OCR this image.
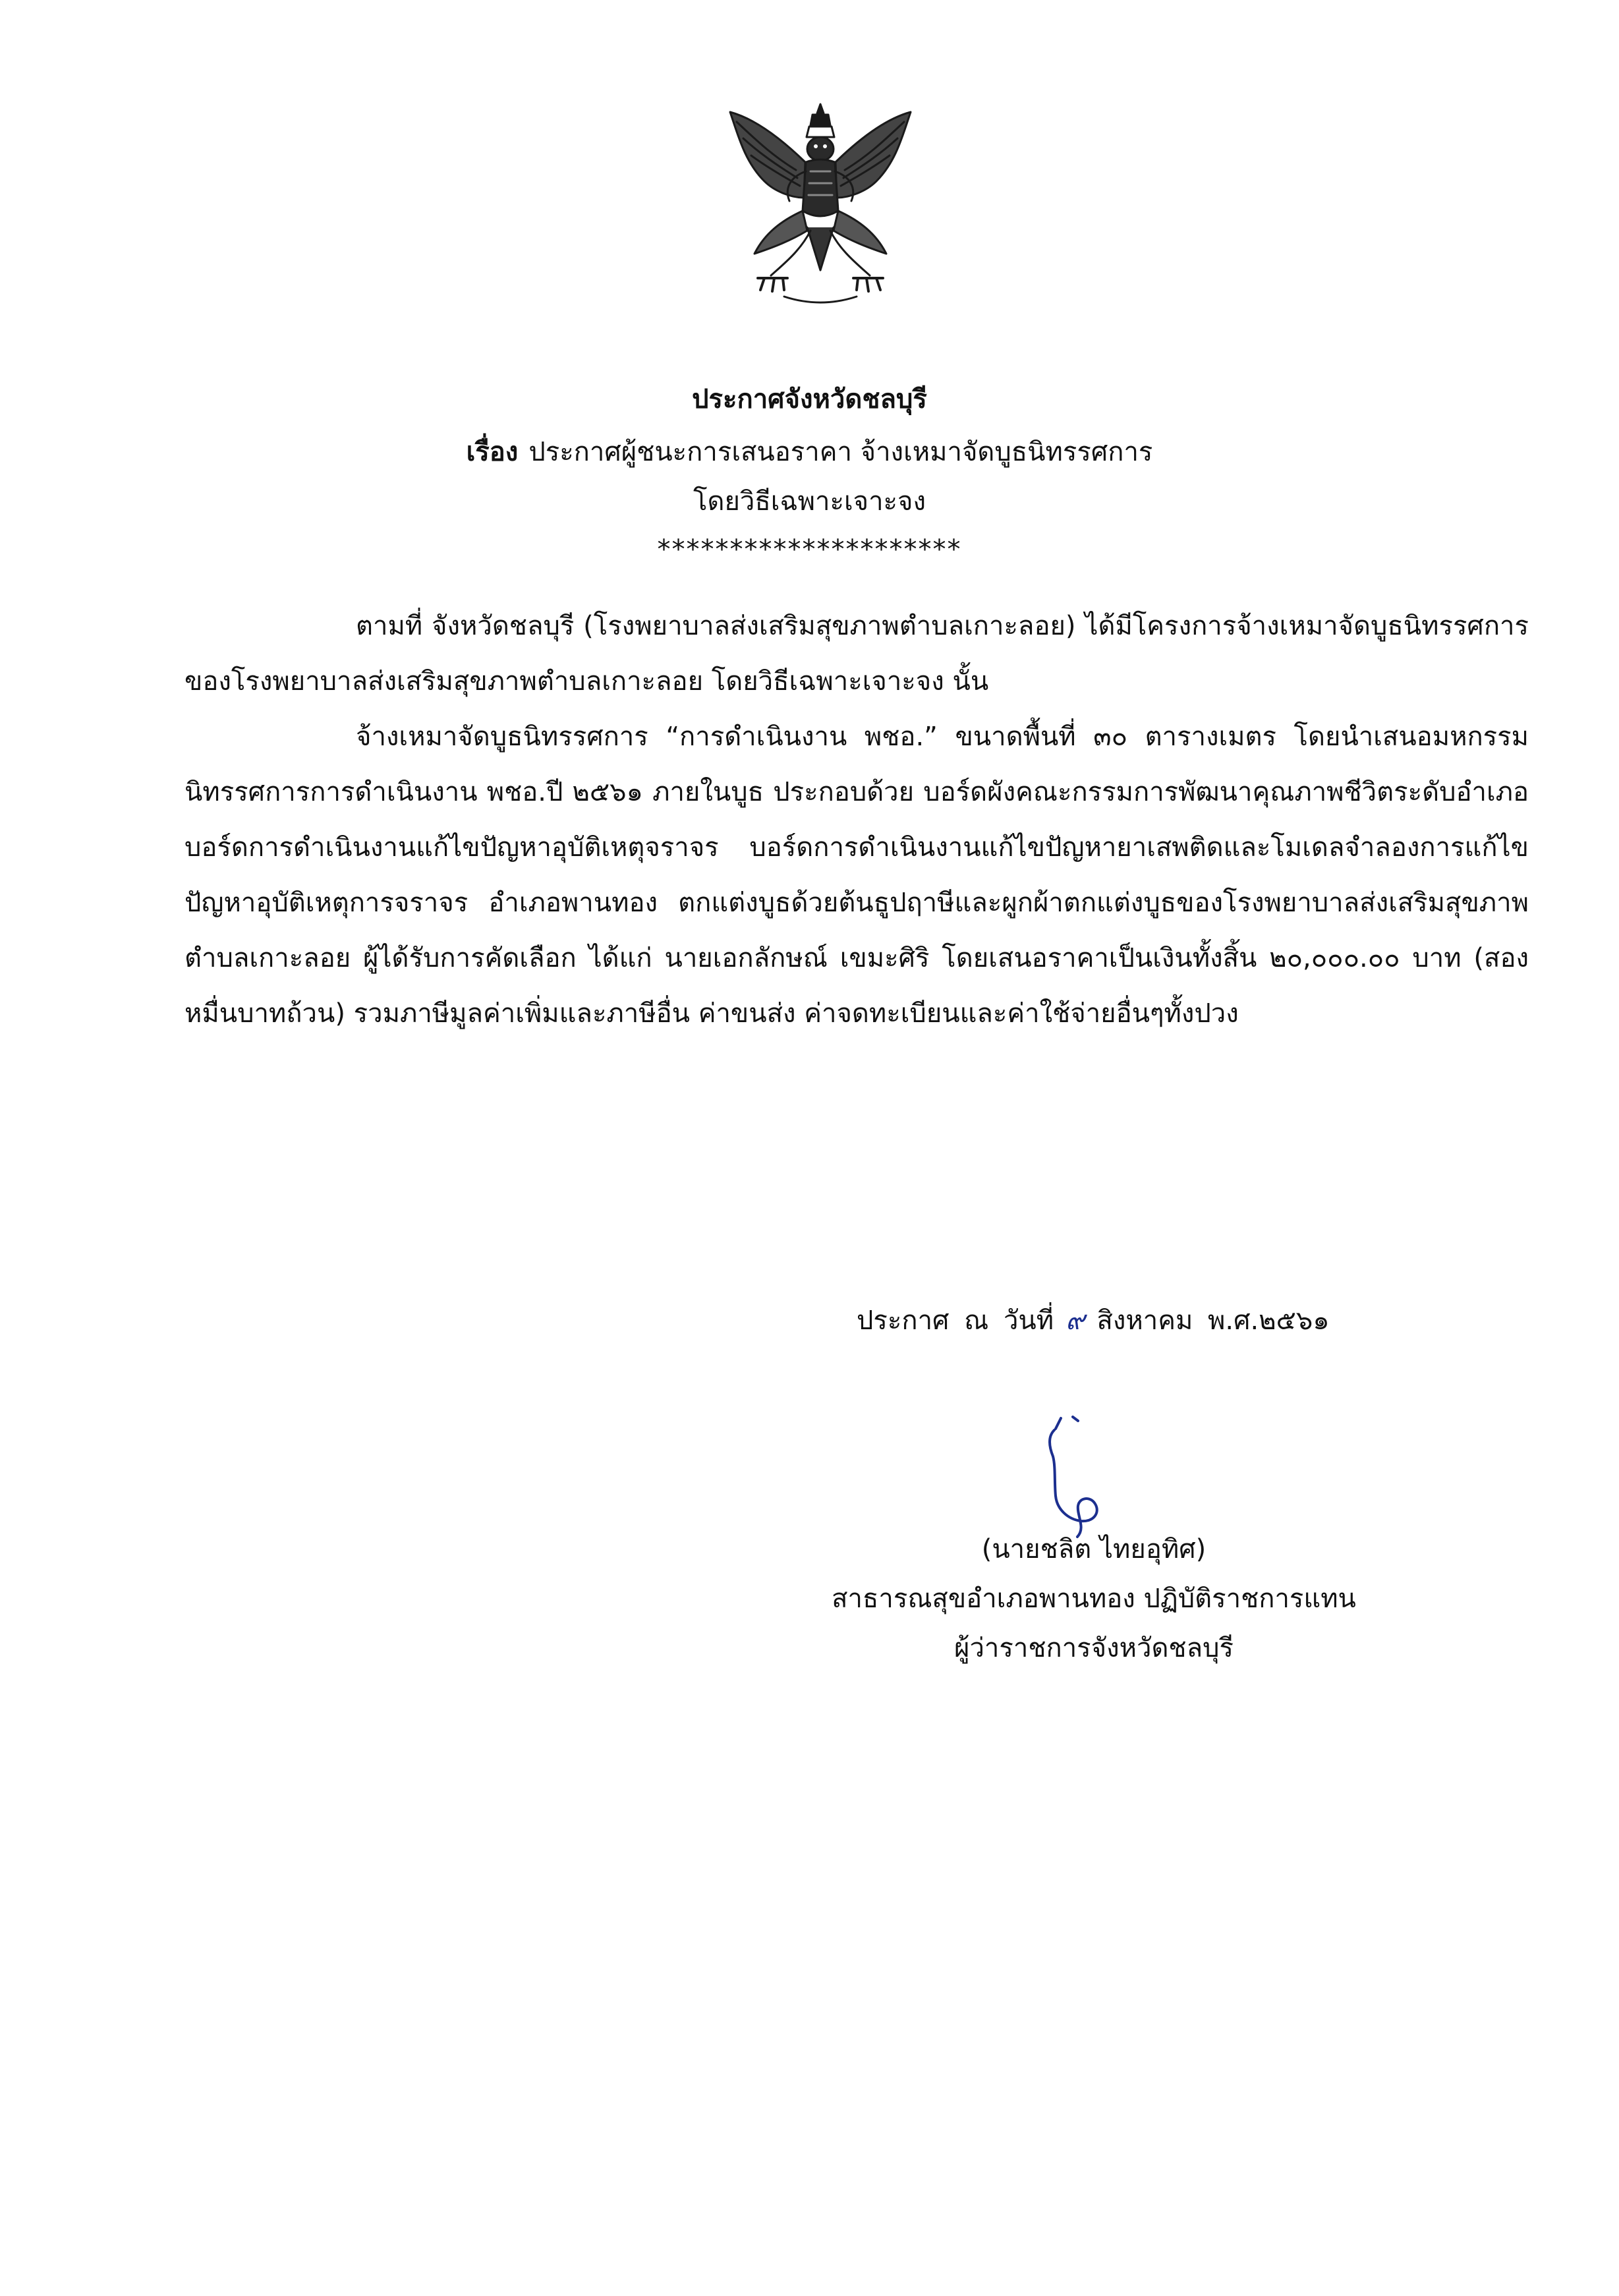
ประกาศจังหวัดชลบุรี
เรื่อง ประกาศผู้ชนะการเสนอราคา จ้างเหมาจัดบูธนิทรรศการ
โดยวิธีเฉพาะเจาะจง
*********************

ตามที่ จังหวัดชลบุรี (โรงพยาบาลส่งเสริมสุขภาพตำบลเกาะลอย) ได้มีโครงการจ้างเหมาจัดบูธนิทรรศการของโรงพยาบาลส่งเสริมสุขภาพตำบลเกาะลอย โดยวิธีเฉพาะเจาะจง นั้น

จ้างเหมาจัดบูธนิทรรศการ “การดำเนินงาน พชอ.” ขนาดพื้นที่ ๓๐ ตารางเมตร โดยนำเสนอมหกรรมนิทรรศการการดำเนินงาน พชอ.ปี ๒๕๖๑ ภายในบูธ ประกอบด้วย บอร์ดผังคณะกรรมการพัฒนาคุณภาพชีวิตระดับอำเภอ บอร์ดการดำเนินงานแก้ไขปัญหาอุบัติเหตุจราจร บอร์ดการดำเนินงานแก้ไขปัญหายาเสพติดและโมเดลจำลองการแก้ไขปัญหาอุบัติเหตุการจราจร อำเภอพานทอง ตกแต่งบูธด้วยต้นธูปฤาษีและผูกผ้าตกแต่งบูธของโรงพยาบาลส่งเสริมสุขภาพตำบลเกาะลอย ผู้ได้รับการคัดเลือก ได้แก่ นายเอกลักษณ์ เขมะศิริ โดยเสนอราคาเป็นเงินทั้งสิ้น ๒๐,๐๐๐.๐๐ บาท (สองหมื่นบาทถ้วน) รวมภาษีมูลค่าเพิ่มและภาษีอื่น ค่าขนส่ง ค่าจดทะเบียนและค่าใช้จ่ายอื่นๆทั้งปวง

ประกาศ ณ วันที่ ๙ สิงหาคม พ.ศ.๒๕๖๑
(นายชลิต ไทยอุทิศ)
สาธารณสุขอำเภอพานทอง ปฏิบัติราชการแทน
ผู้ว่าราชการจังหวัดชลบุรี
